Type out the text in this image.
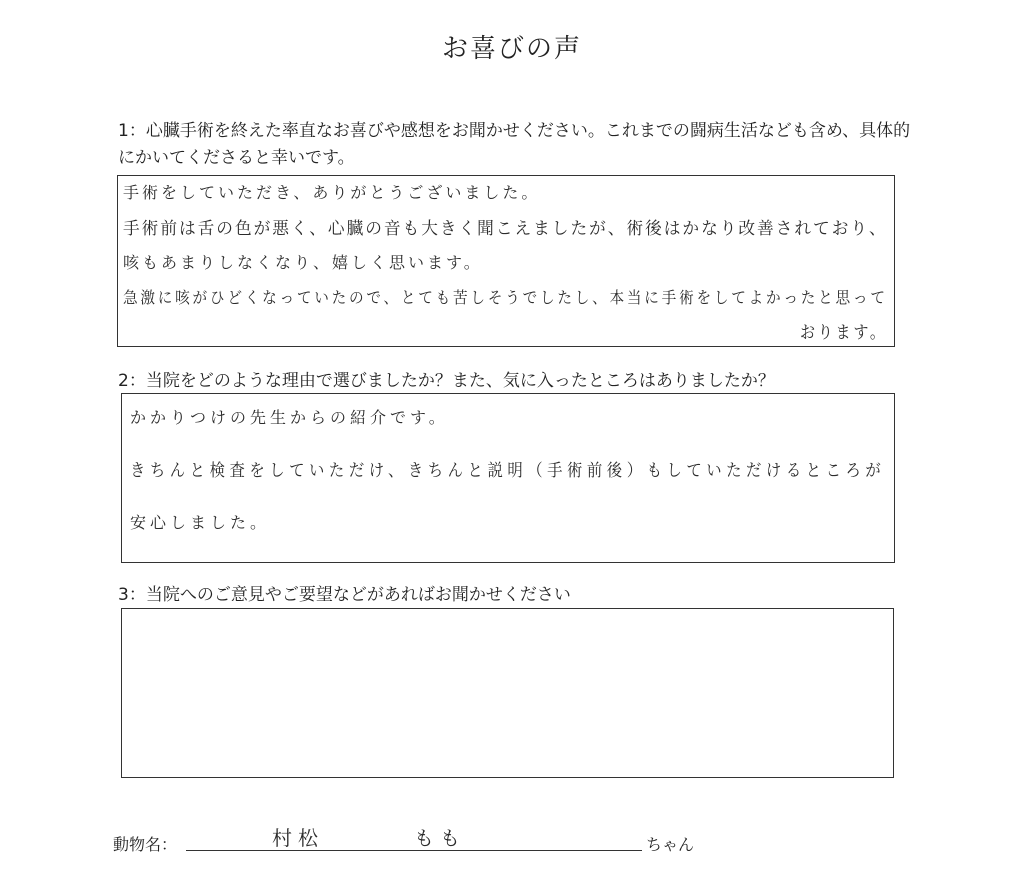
お喜びの声
1：心臓手術を終えた率直なお喜びや感想をお聞かせください。これまでの闘病生活なども含め、具体的にかいてくださると幸いです。
手術をしていただき、ありがとうございました。
手術前は舌の色が悪く、心臓の音も大きく聞こえましたが、術後はかなり改善されており、
咳もあまりしなくなり、嬉しく思います。
急激に咳がひどくなっていたので、とても苦しそうでしたし、本当に手術をしてよかったと思って
おります。
2：当院をどのような理由で選びましたか？また、気に入ったところはありましたか？
かかりつけの先生からの紹介です。
きちんと検査をしていただけ、きちんと説明（手術前後）もしていただけるところが
安心しました。
3：当院へのご意見やご要望などがあればお聞かせください
動物名：	村松	もも	ちゃん
